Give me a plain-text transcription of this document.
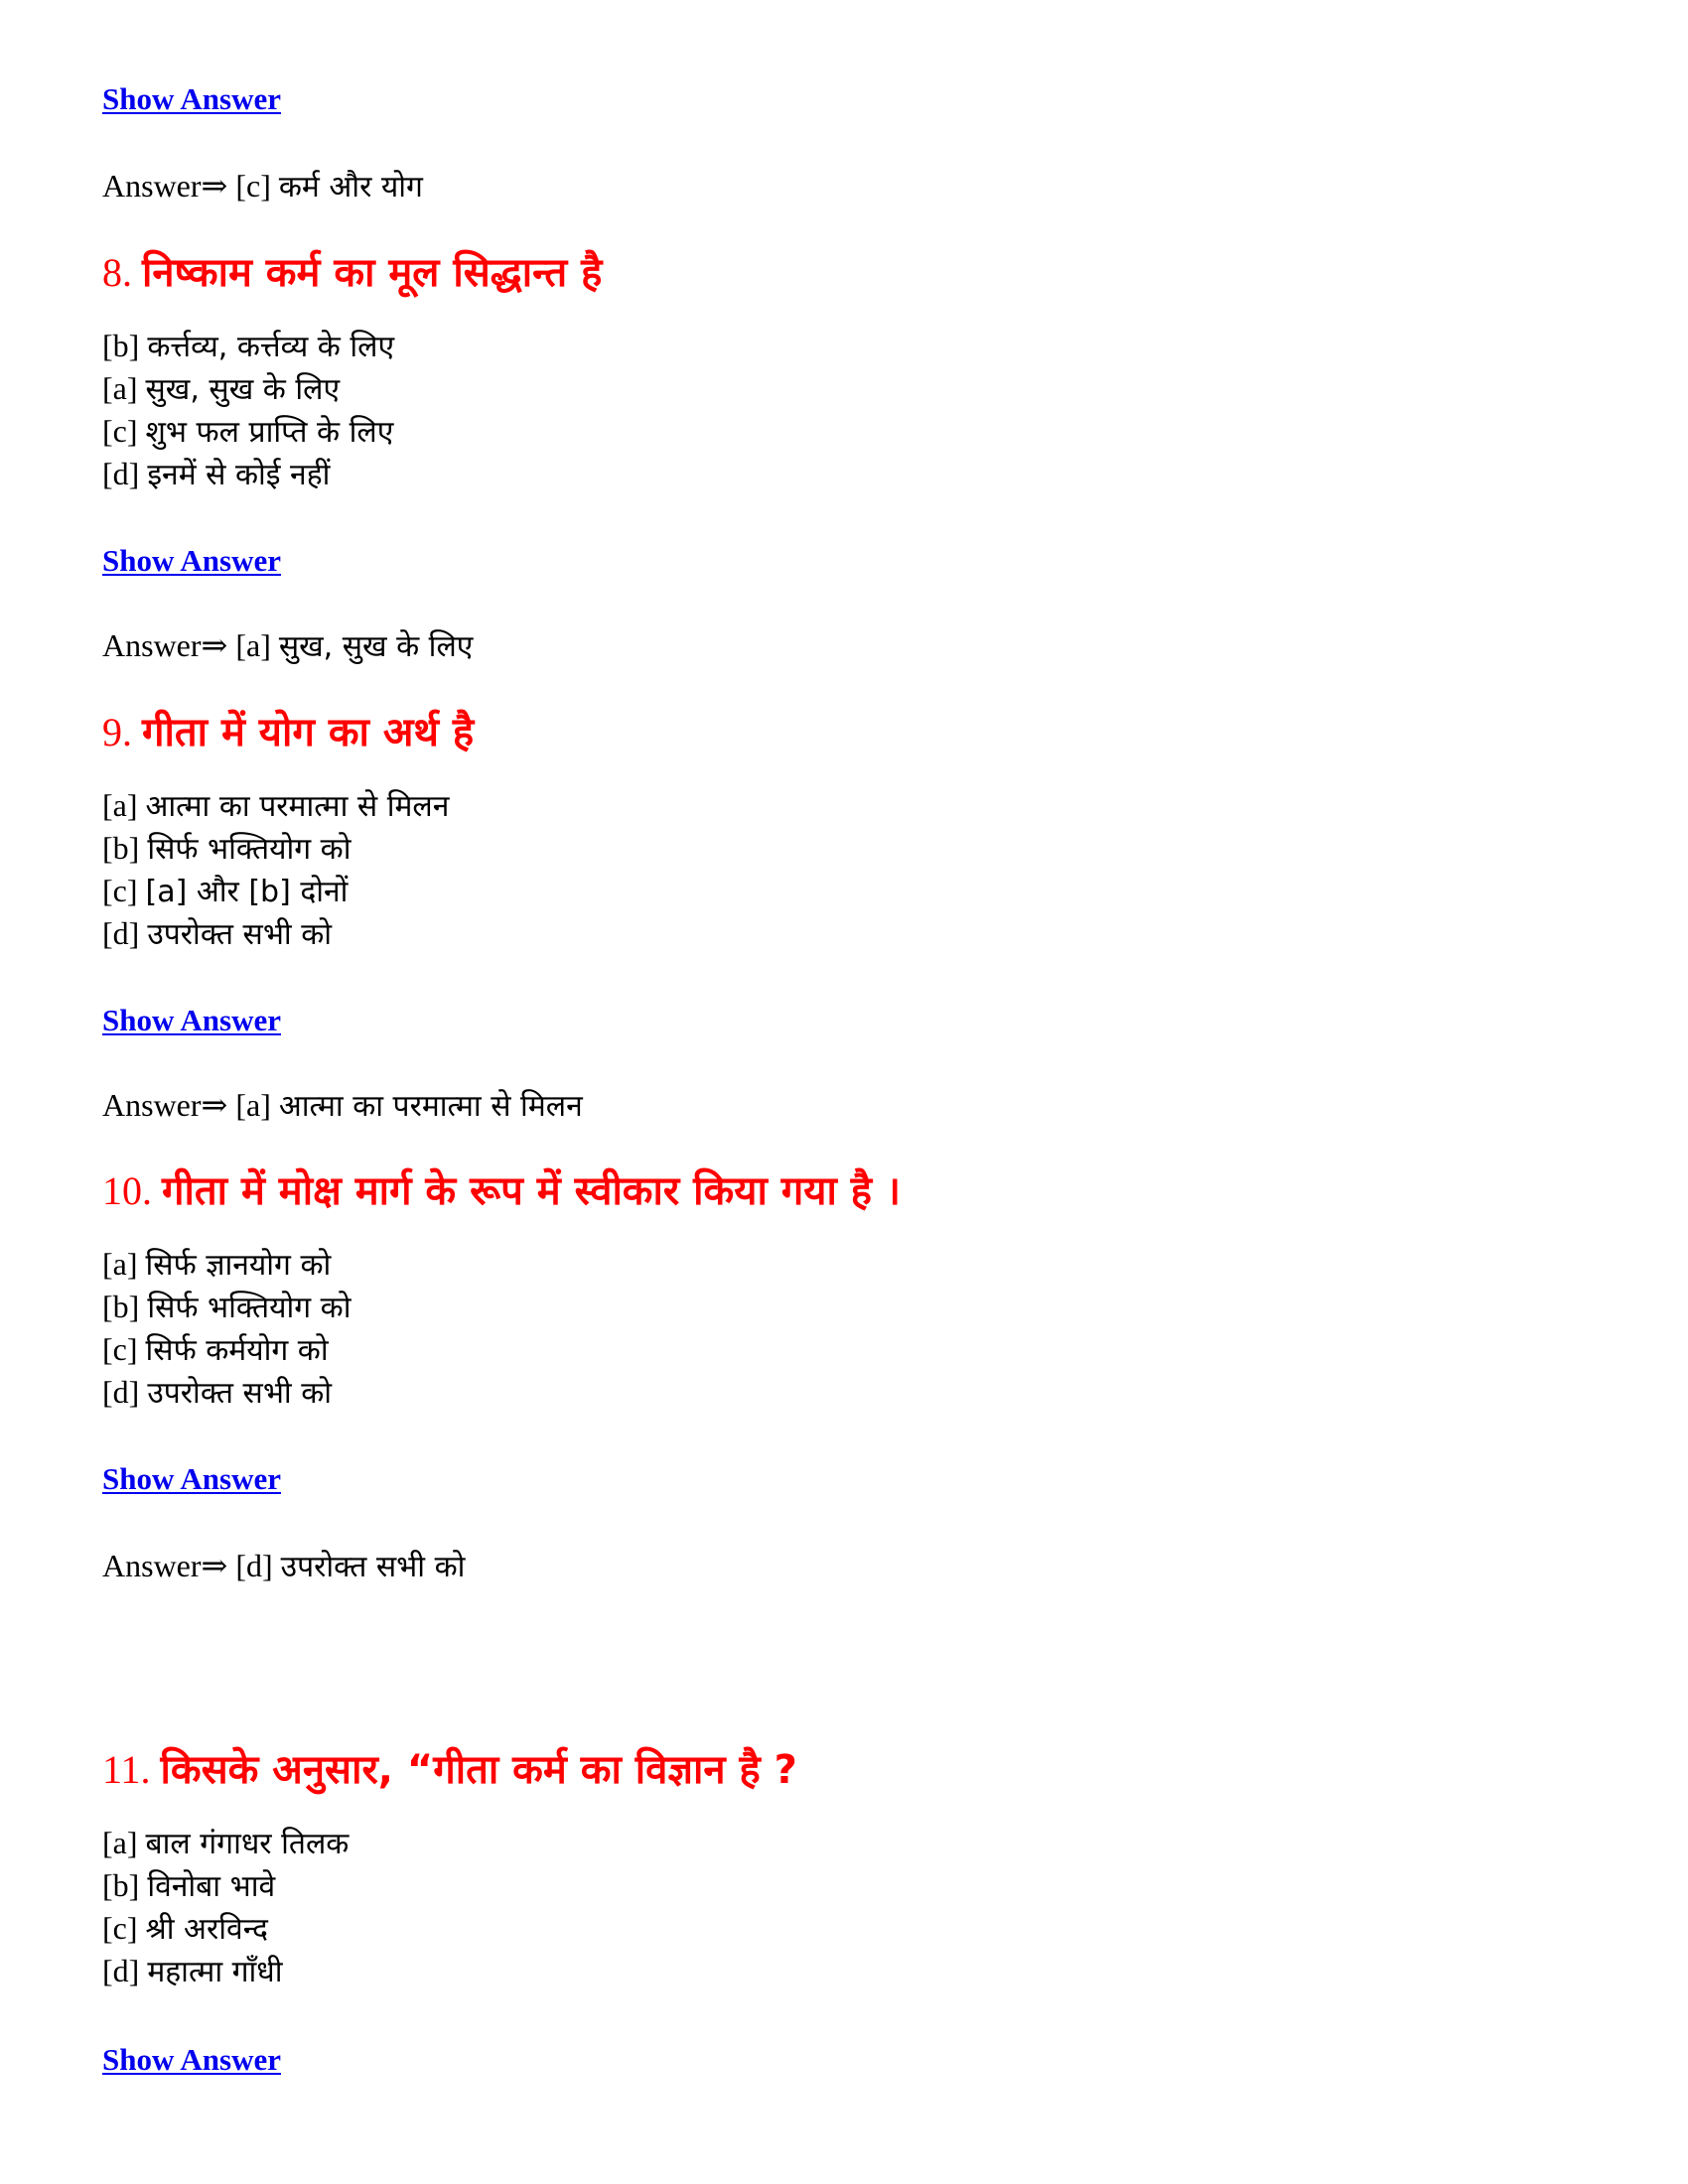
Show Answer
Answer⇒ [c] कर्म और योग
8. निष्काम कर्म का मूल सिद्धान्त है
[b] कर्त्तव्य, कर्त्तव्य के लिए
[a] सुख, सुख के लिए
[c] शुभ फल प्राप्ति के लिए
[d] इनमें से कोई नहीं
Show Answer
Answer⇒ [a] सुख, सुख के लिए
9. गीता में योग का अर्थ है
[a] आत्मा का परमात्मा से मिलन
[b] सिर्फ भक्तियोग को
[c] [a] और [b] दोनों
[d] उपरोक्त सभी को
Show Answer
Answer⇒ [a] आत्मा का परमात्मा से मिलन
10. गीता में मोक्ष मार्ग के रूप में स्वीकार किया गया है ।
[a] सिर्फ ज्ञानयोग को
[b] सिर्फ भक्तियोग को
[c] सिर्फ कर्मयोग को
[d] उपरोक्त सभी को
Show Answer
Answer⇒ [d] उपरोक्त सभी को
11. किसके अनुसार, “गीता कर्म का विज्ञान है ?
[a] बाल गंगाधर तिलक
[b] विनोबा भावे
[c] श्री अरविन्द
[d] महात्मा गाँधी
Show Answer
